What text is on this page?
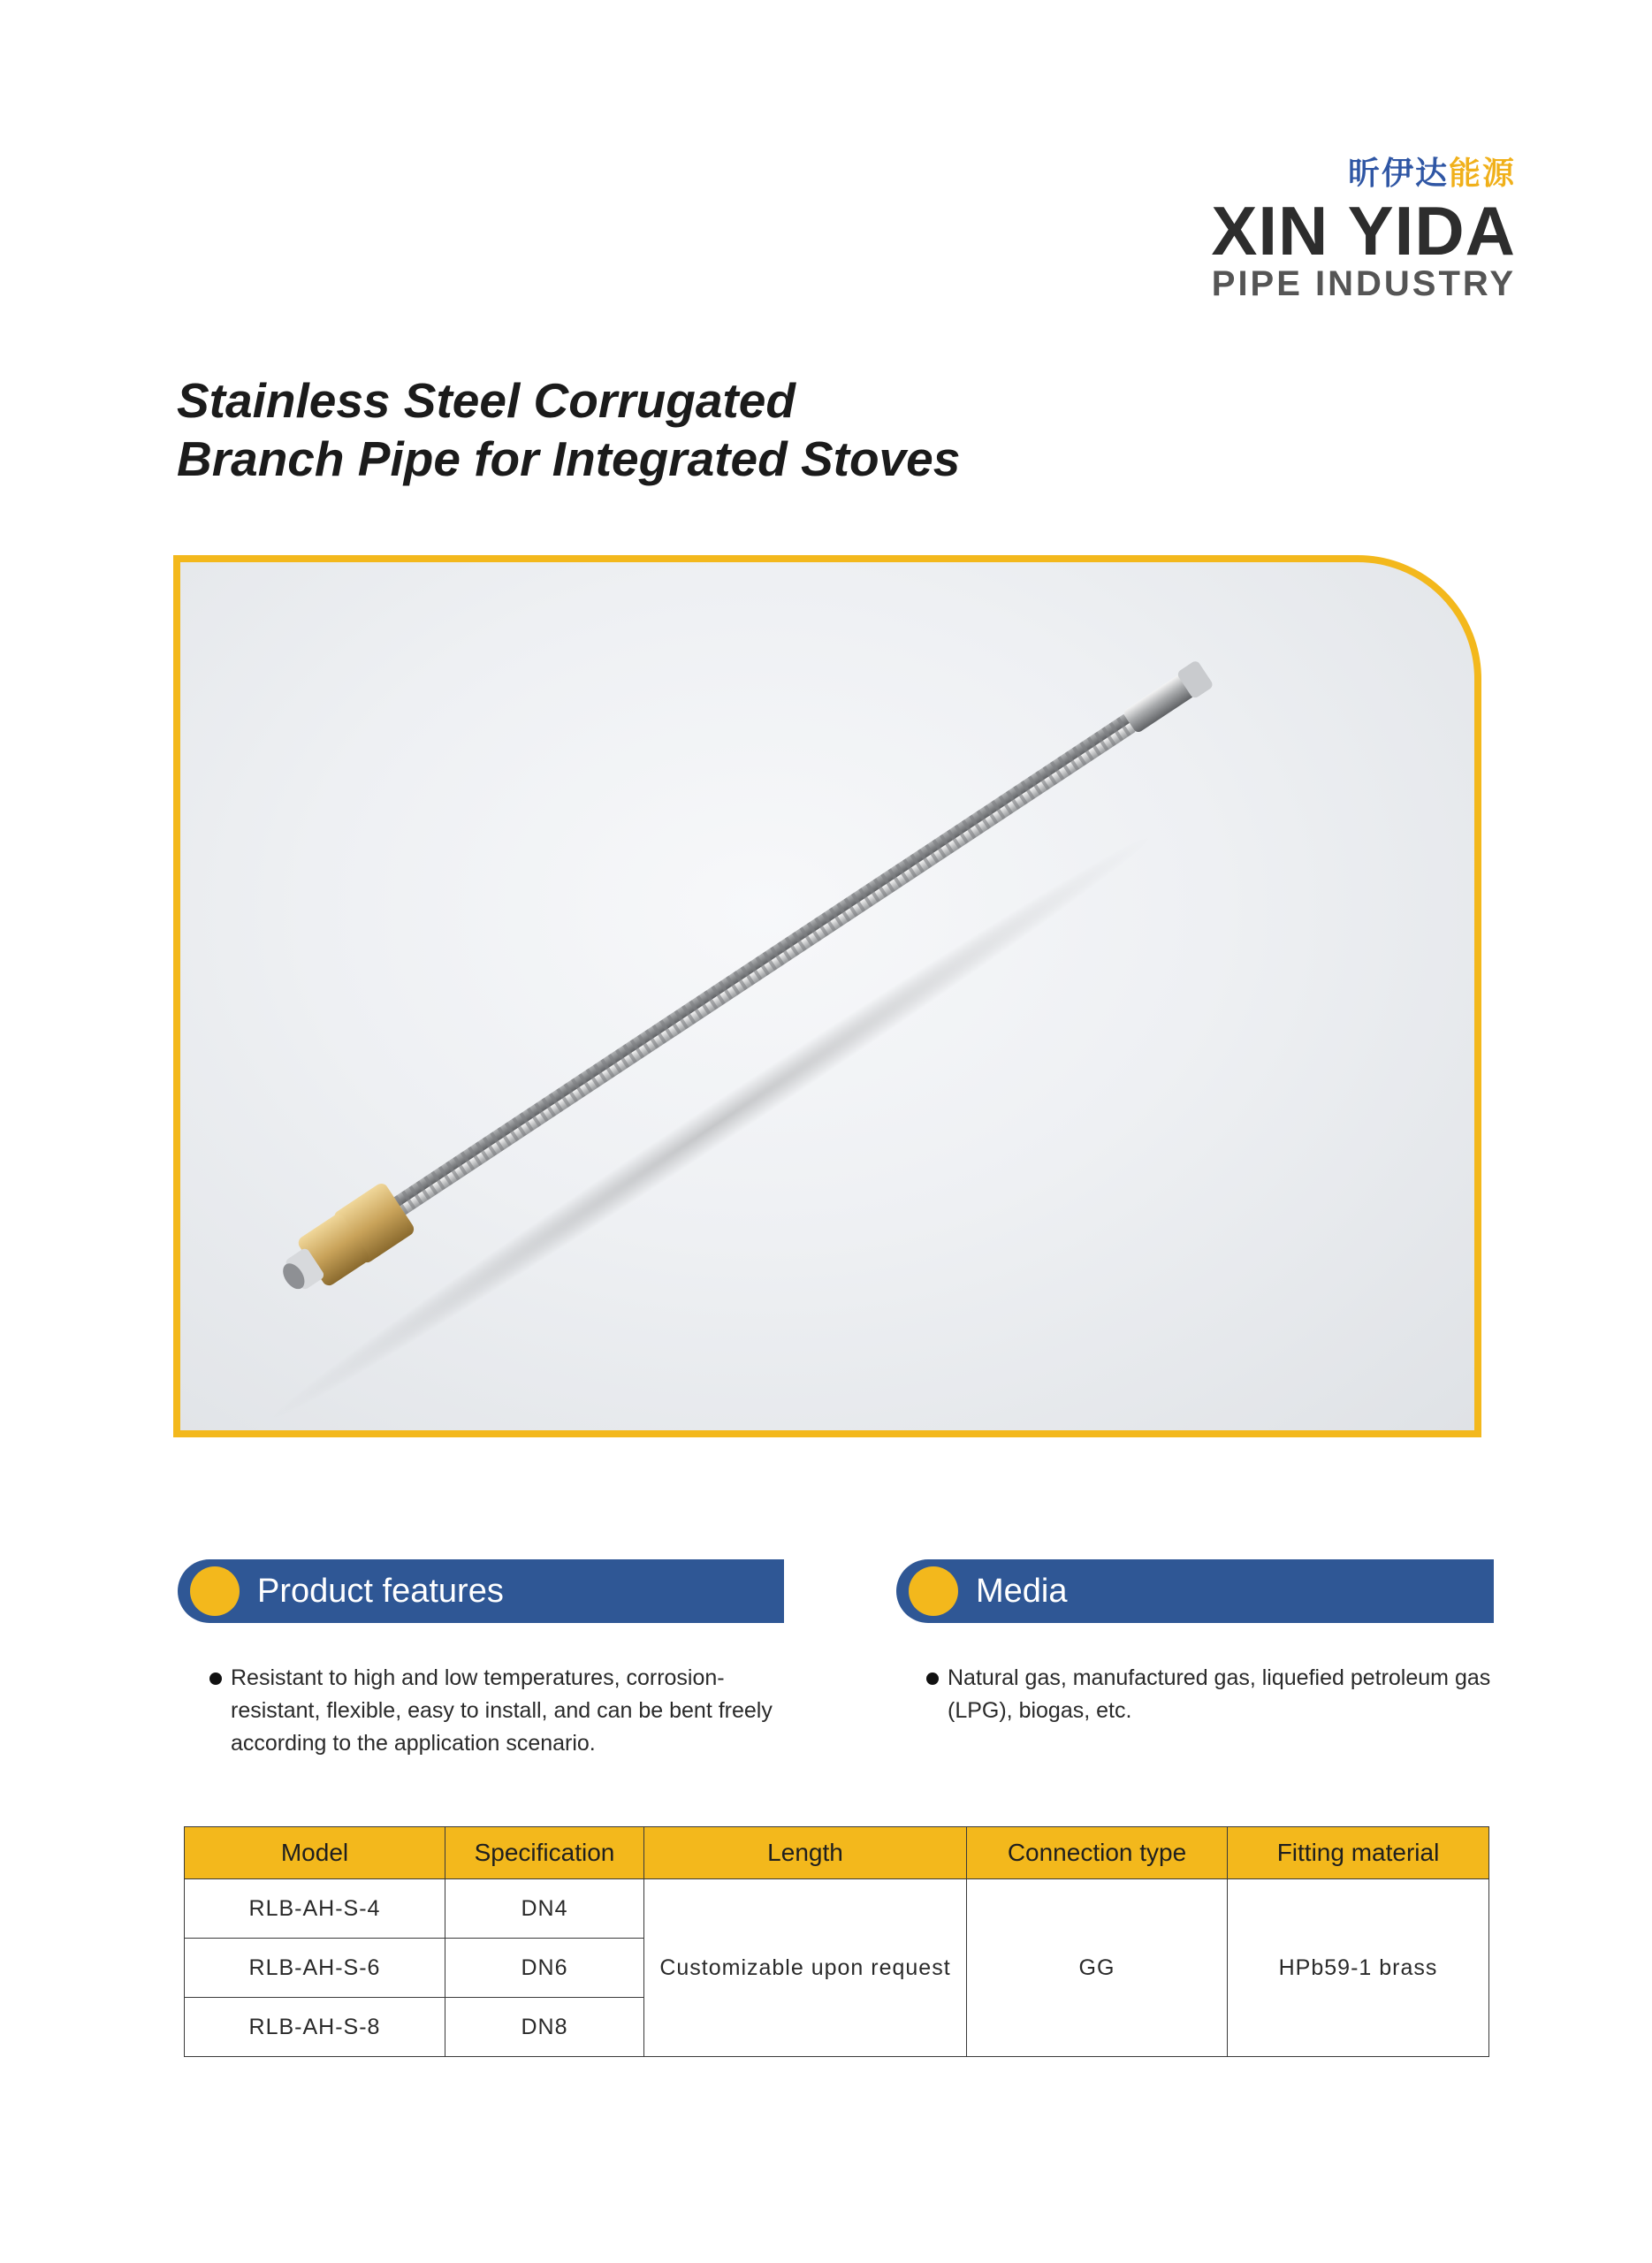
昕伊达能源
XIN YIDA
PIPE INDUSTRY
Stainless Steel Corrugated
Branch Pipe for Integrated Stoves
Product features
Resistant to high and low temperatures, corrosion-resistant, flexible, easy to install, and can be bent freely according to the application scenario.
Media
Natural gas, manufactured gas, liquefied petroleum gas (LPG), biogas, etc.
Model	Specification	Length	Connection type	Fitting material
RLB-AH-S-4	DN4	Customizable upon request	GG	HPb59-1 brass
RLB-AH-S-6	DN6			
RLB-AH-S-8	DN8			
